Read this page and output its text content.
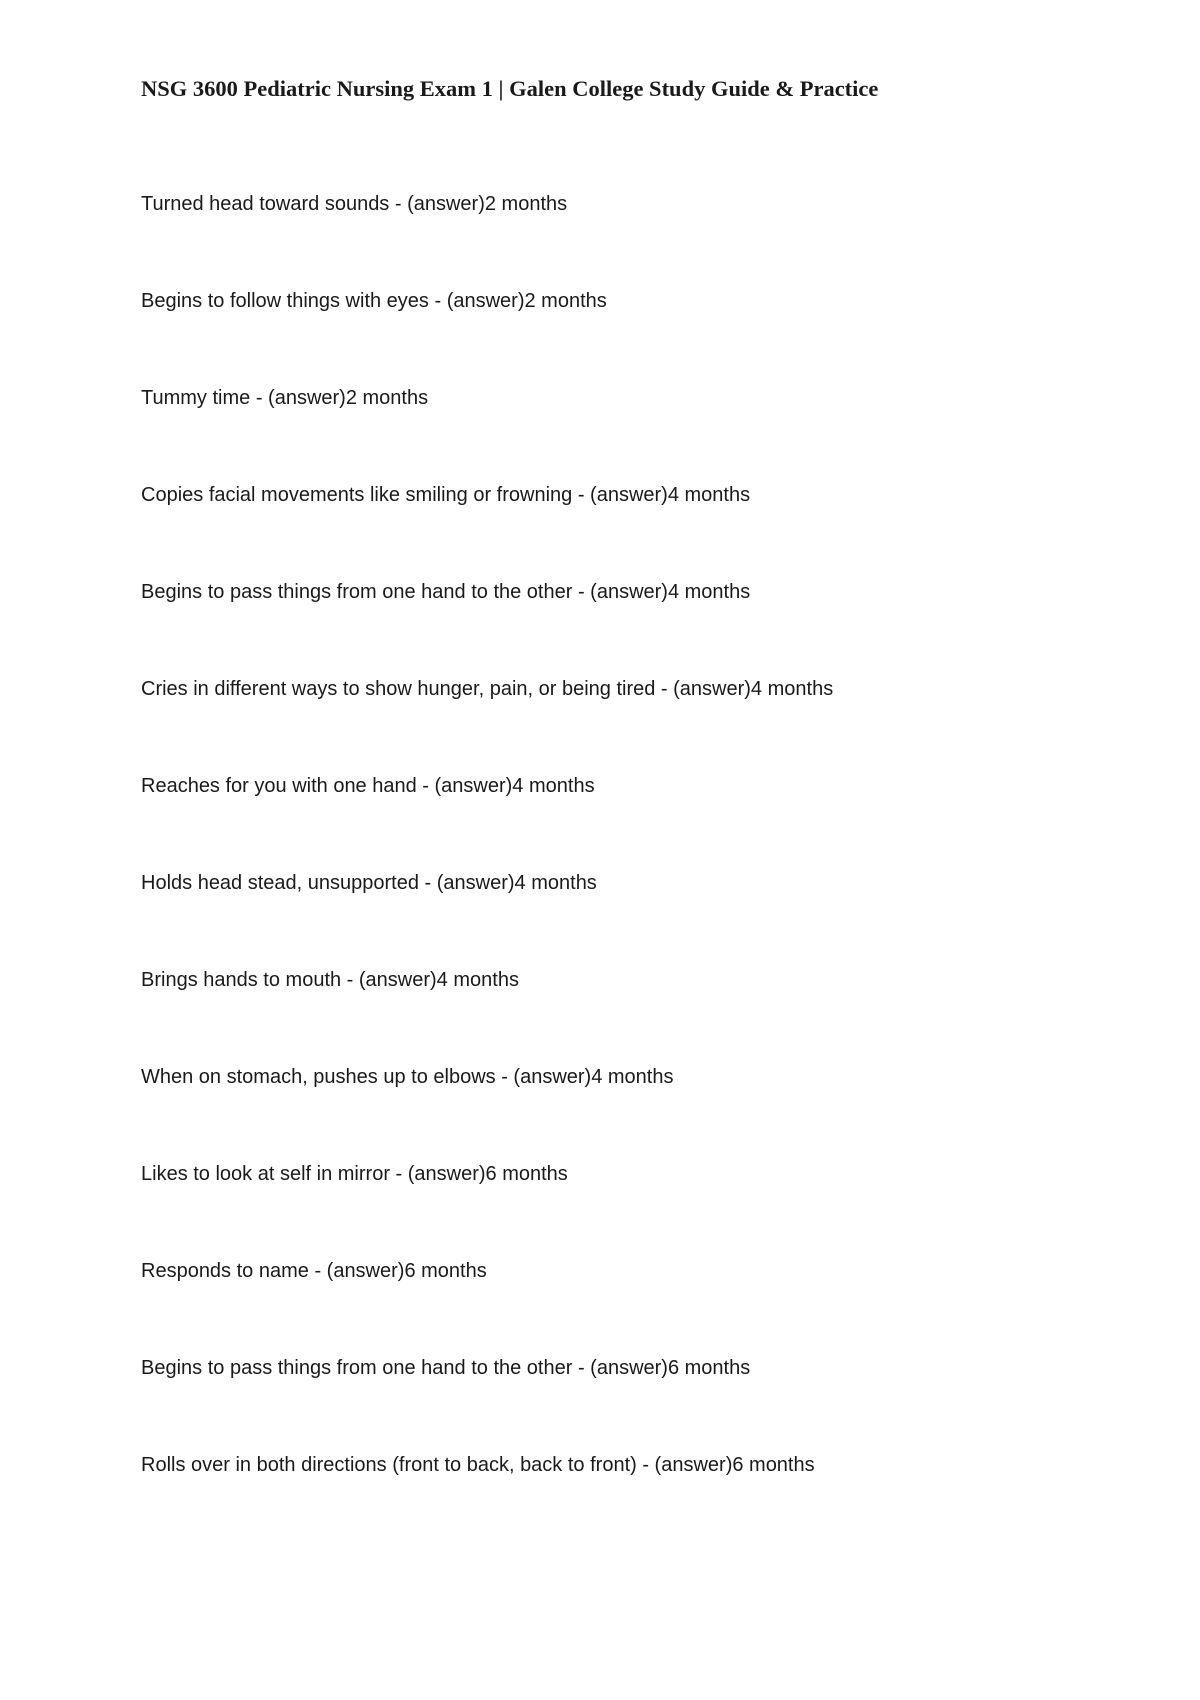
NSG 3600 Pediatric Nursing Exam 1 | Galen College Study Guide & Practice
Turned head toward sounds - (answer)2 months
Begins to follow things with eyes - (answer)2 months
Tummy time - (answer)2 months
Copies facial movements like smiling or frowning - (answer)4 months
Begins to pass things from one hand to the other - (answer)4 months
Cries in different ways to show hunger, pain, or being tired - (answer)4 months
Reaches for you with one hand - (answer)4 months
Holds head stead, unsupported - (answer)4 months
Brings hands to mouth - (answer)4 months
When on stomach, pushes up to elbows - (answer)4 months
Likes to look at self in mirror - (answer)6 months
Responds to name - (answer)6 months
Begins to pass things from one hand to the other - (answer)6 months
Rolls over in both directions (front to back, back to front) - (answer)6 months
